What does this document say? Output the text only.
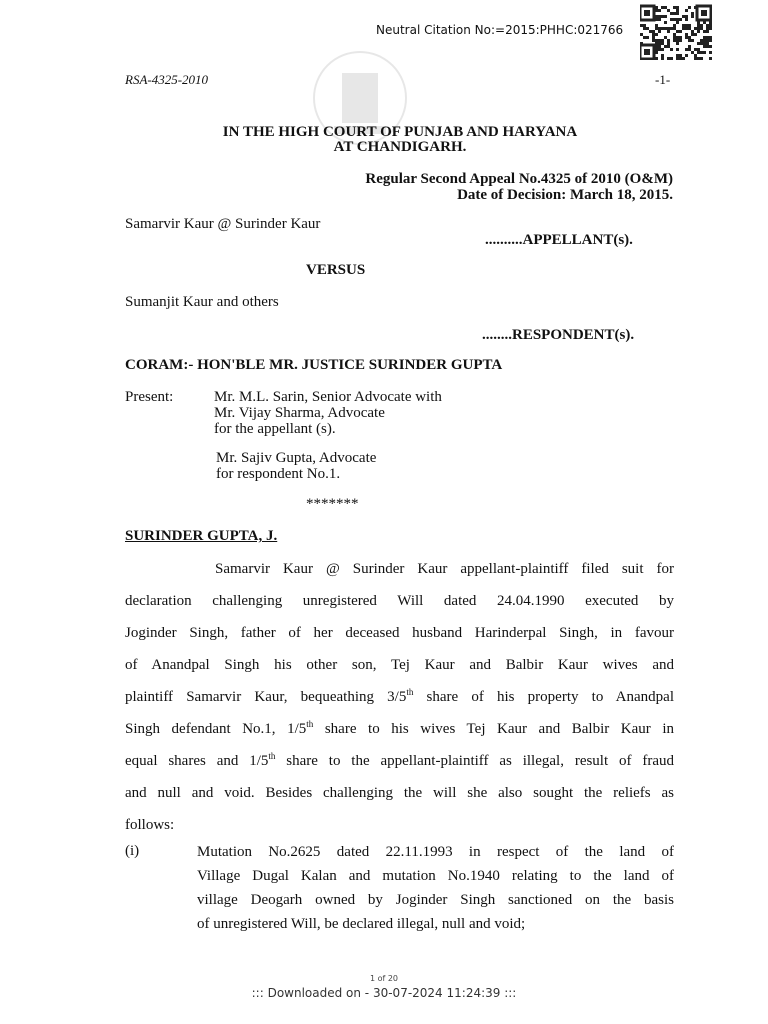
Neutral Citation No:=2015:PHHC:021766
RSA-4325-2010	-1-
IN THE HIGH COURT OF PUNJAB AND HARYANA
AT CHANDIGARH.
Regular Second Appeal No.4325 of 2010 (O&M)
Date of Decision: March 18, 2015.
Samarvir Kaur @ Surinder Kaur
..........APPELLANT(s).
VERSUS
Sumanjit Kaur and others
........RESPONDENT(s).
CORAM:- HON'BLE MR. JUSTICE SURINDER GUPTA
Present:	Mr. M.L. Sarin, Senior Advocate with
Mr. Vijay Sharma, Advocate
for the appellant (s).
Mr. Sajiv Gupta, Advocate
for respondent No.1.
*******
SURINDER GUPTA, J.
Samarvir Kaur @ Surinder Kaur appellant-plaintiff filed suit for
declaration challenging unregistered Will dated 24.04.1990 executed by
Joginder Singh, father of her deceased husband Harinderpal Singh, in favour
of Anandpal Singh his other son, Tej Kaur and Balbir Kaur wives and
plaintiff Samarvir Kaur, bequeathing 3/5th share of his property to Anandpal
Singh defendant No.1, 1/5th share to his wives Tej Kaur and Balbir Kaur in
equal shares and 1/5th share to the appellant-plaintiff as illegal, result of fraud
and null and void. Besides challenging the will she also sought the reliefs as
follows:
(i)	Mutation No.2625 dated 22.11.1993 in respect of the land of
Village Dugal Kalan and mutation No.1940 relating to the land of
village Deogarh owned by Joginder Singh sanctioned on the basis
of unregistered Will, be declared illegal, null and void;
1 of 20
::: Downloaded on - 30-07-2024 11:24:39 :::
